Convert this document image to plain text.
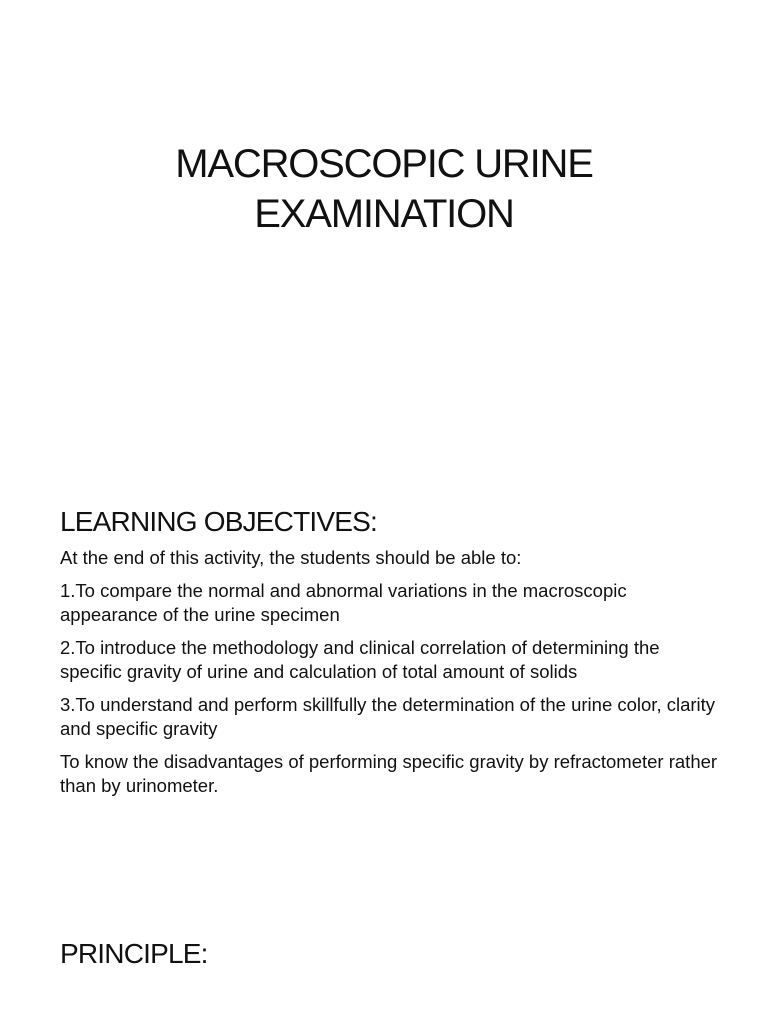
MACROSCOPIC URINE
EXAMINATION
LEARNING OBJECTIVES:

At the end of this activity, the students should be able to:

1.To compare the normal and abnormal variations in the macroscopic appearance of the urine specimen

2.To introduce the methodology and clinical correlation of determining the specific gravity of urine and calculation of total amount of solids

3.To understand and perform skillfully the determination of the urine color, clarity and specific gravity

To know the disadvantages of performing specific gravity by refractometer rather than by urinometer.

PRINCIPLE:
